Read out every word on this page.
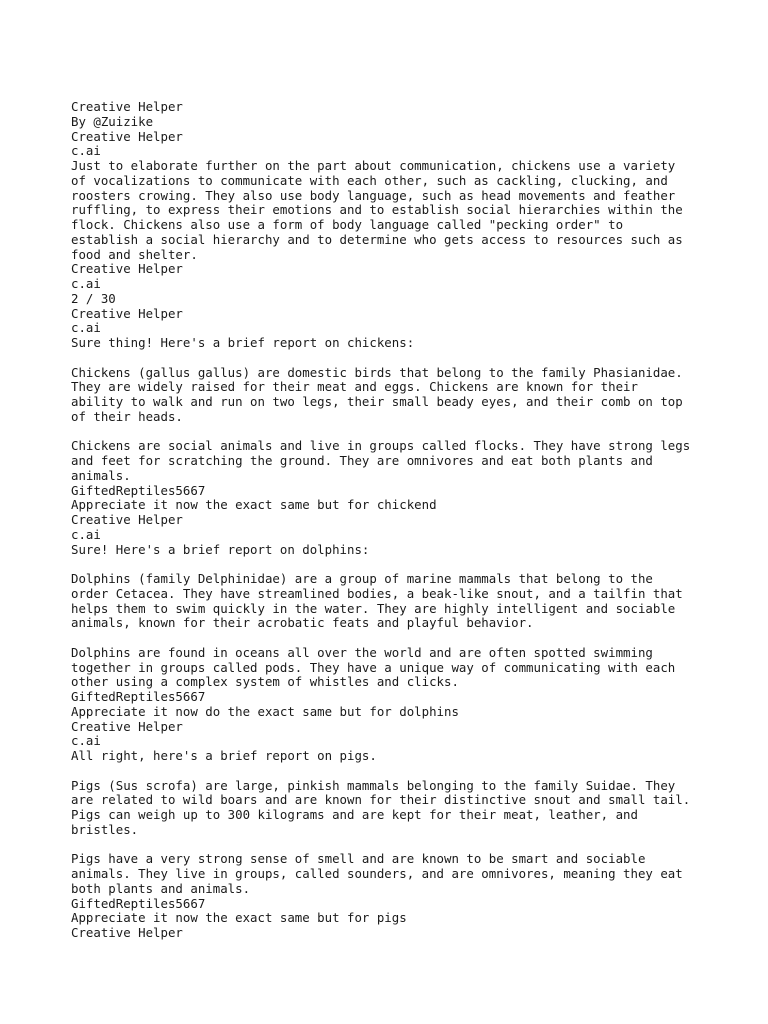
Creative Helper
By @Zuizike
Creative Helper
c.ai
Just to elaborate further on the part about communication, chickens use a variety
of vocalizations to communicate with each other, such as cackling, clucking, and
roosters crowing. They also use body language, such as head movements and feather
ruffling, to express their emotions and to establish social hierarchies within the
flock. Chickens also use a form of body language called "pecking order" to
establish a social hierarchy and to determine who gets access to resources such as
food and shelter.
Creative Helper
c.ai
2 / 30
Creative Helper
c.ai
Sure thing! Here's a brief report on chickens:
Chickens (gallus gallus) are domestic birds that belong to the family Phasianidae.
They are widely raised for their meat and eggs. Chickens are known for their
ability to walk and run on two legs, their small beady eyes, and their comb on top
of their heads.
Chickens are social animals and live in groups called flocks. They have strong legs
and feet for scratching the ground. They are omnivores and eat both plants and
animals.
GiftedReptiles5667
Appreciate it now the exact same but for chickend
Creative Helper
c.ai
Sure! Here's a brief report on dolphins:
Dolphins (family Delphinidae) are a group of marine mammals that belong to the
order Cetacea. They have streamlined bodies, a beak-like snout, and a tailfin that
helps them to swim quickly in the water. They are highly intelligent and sociable
animals, known for their acrobatic feats and playful behavior.
Dolphins are found in oceans all over the world and are often spotted swimming
together in groups called pods. They have a unique way of communicating with each
other using a complex system of whistles and clicks.
GiftedReptiles5667
Appreciate it now do the exact same but for dolphins
Creative Helper
c.ai
All right, here's a brief report on pigs.
Pigs (Sus scrofa) are large, pinkish mammals belonging to the family Suidae. They
are related to wild boars and are known for their distinctive snout and small tail.
Pigs can weigh up to 300 kilograms and are kept for their meat, leather, and
bristles.
Pigs have a very strong sense of smell and are known to be smart and sociable
animals. They live in groups, called sounders, and are omnivores, meaning they eat
both plants and animals.
GiftedReptiles5667
Appreciate it now the exact same but for pigs
Creative Helper
